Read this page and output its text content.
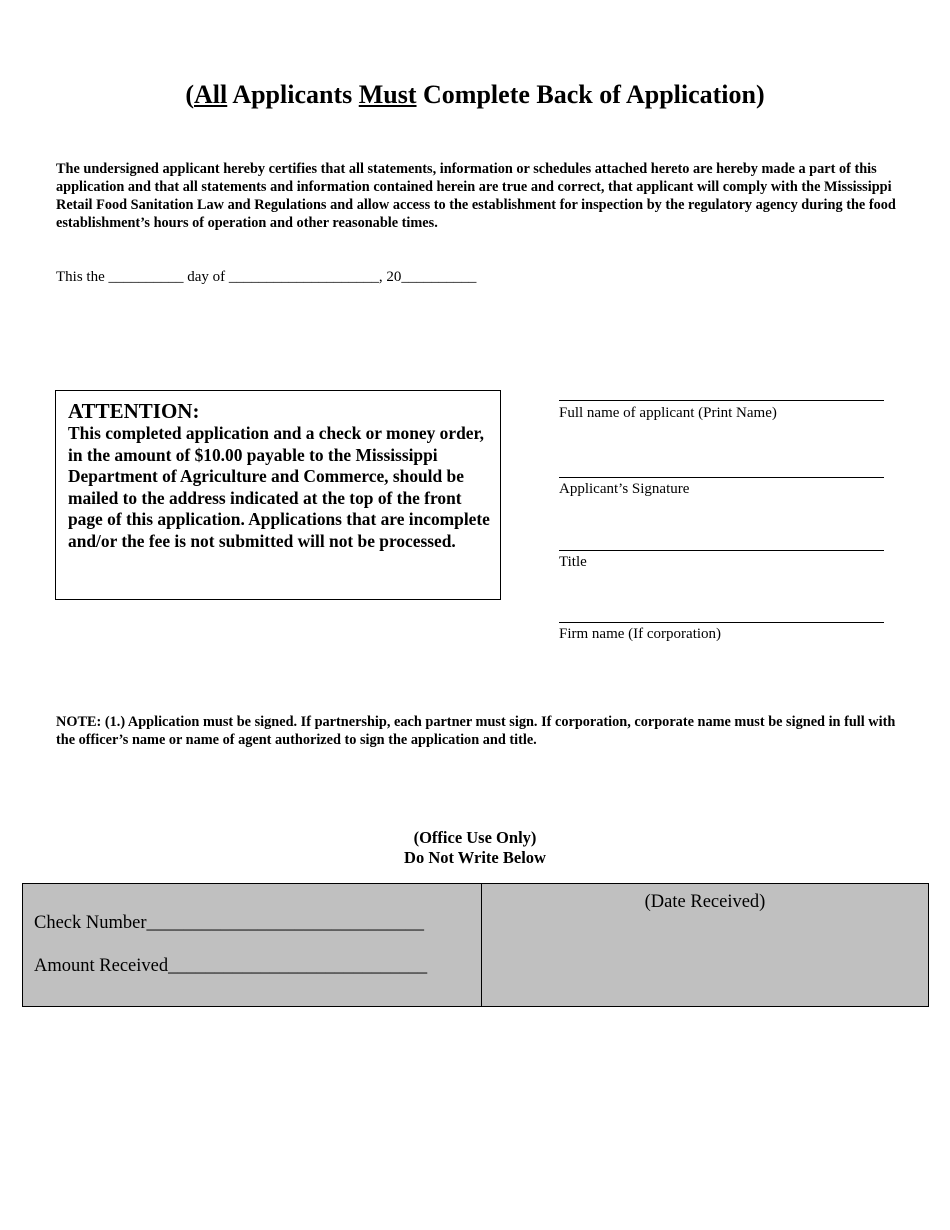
(All Applicants Must Complete Back of Application)
The undersigned applicant hereby certifies that all statements, information or schedules attached hereto are hereby made a part of this application and that all statements and information contained herein are true and correct, that applicant will comply with the Mississippi Retail Food Sanitation Law and Regulations and allow access to the establishment for inspection by the regulatory agency during the food establishment’s hours of operation and other reasonable times.
This the __________ day of ____________________, 20__________
ATTENTION:
This completed application and a check or money order, in the amount of $10.00 payable to the Mississippi Department of Agriculture and Commerce, should be mailed to the address indicated at the top of the front page of this application. Applications that are incomplete and/or the fee is not submitted will not be processed.
Full name of applicant (Print Name)
Applicant’s Signature
Title
Firm name (If corporation)
NOTE: (1.) Application must be signed. If partnership, each partner must sign. If corporation, corporate name must be signed in full with the officer’s name or name of agent authorized to sign the application and title.
(Office Use Only)
Do Not Write Below
Check Number______________________________
Amount Received____________________________
(Date Received)
